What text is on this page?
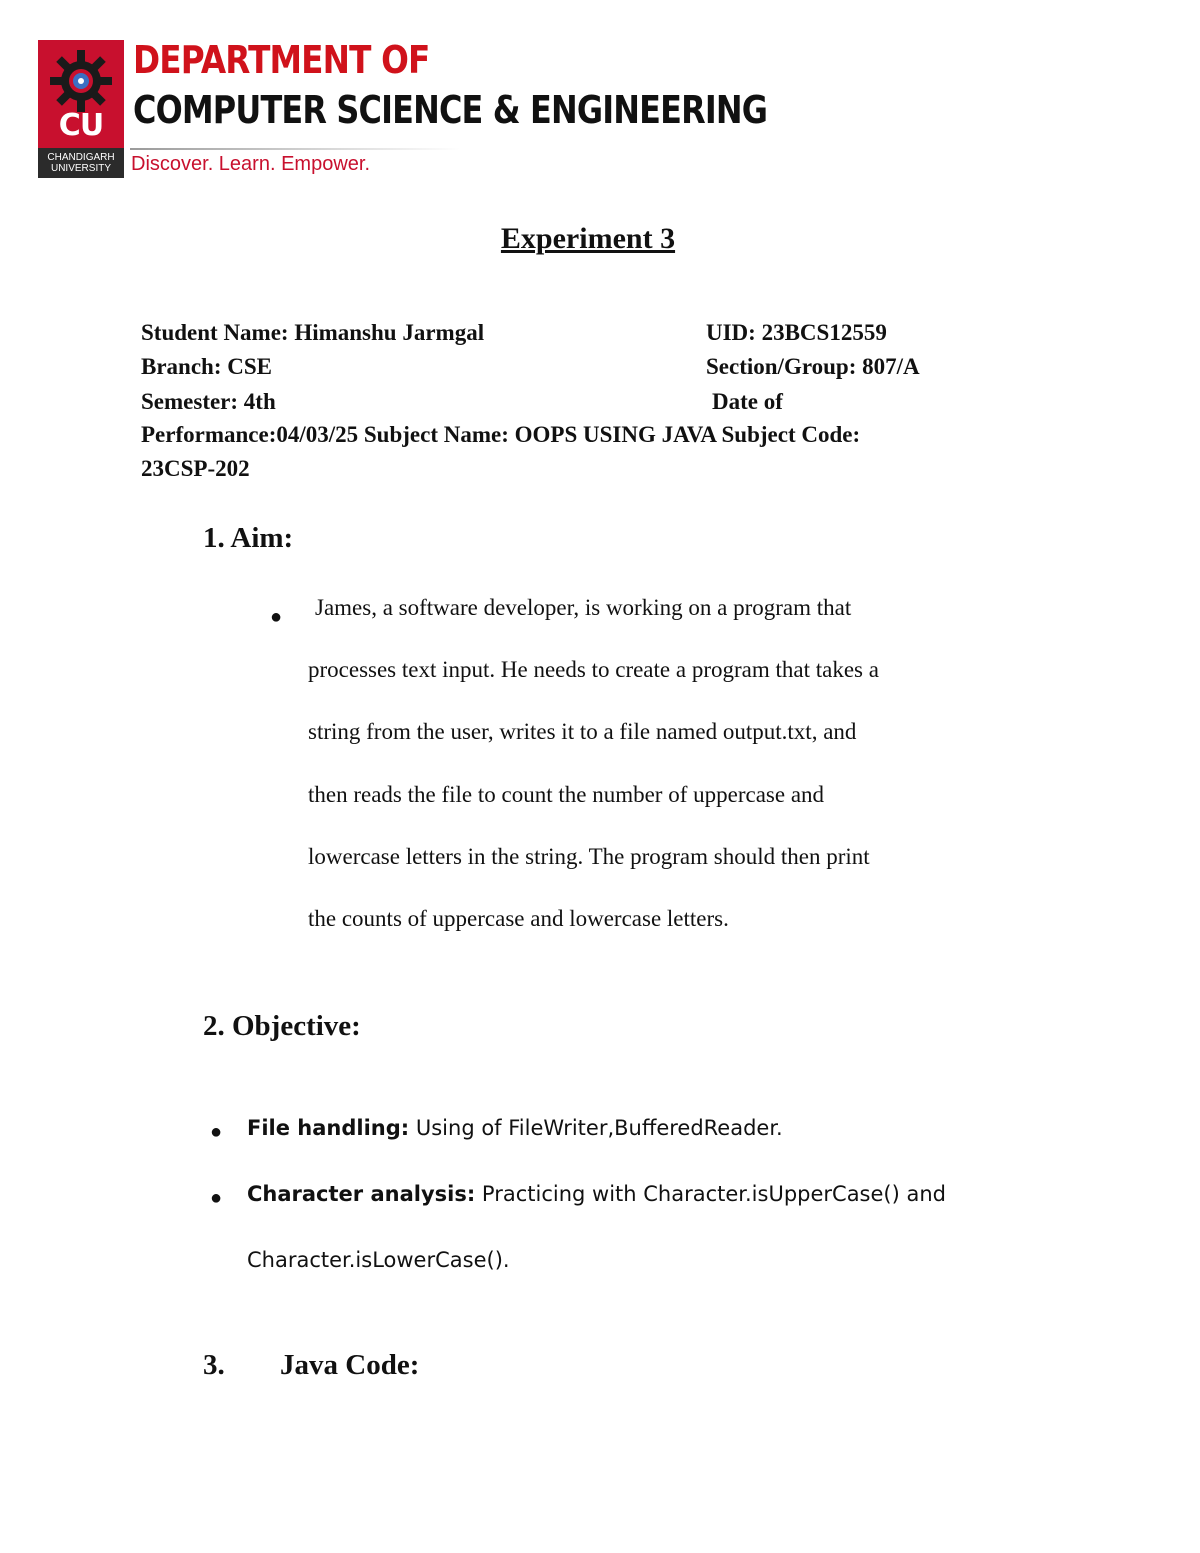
CU
CHANDIGARH UNIVERSITY
DEPARTMENT OF
COMPUTER SCIENCE & ENGINEERING
Discover. Learn. Empower.
Experiment 3
Student Name: Himanshu Jarmgal	UID: 23BCS12559
Branch: CSE	Section/Group: 807/A
Semester: 4th	Date of
Performance:04/03/25 Subject Name: OOPS USING JAVA Subject Code:
23CSP-202
1. Aim:
● James, a software developer, is working on a program that
processes text input. He needs to create a program that takes a
string from the user, writes it to a file named output.txt, and
then reads the file to count the number of uppercase and
lowercase letters in the string. The program should then print
the counts of uppercase and lowercase letters.
2. Objective:
● File handling: Using of FileWriter,BufferedReader.
● Character analysis: Practicing with Character.isUpperCase() and
Character.isLowerCase().
3. Java Code:
